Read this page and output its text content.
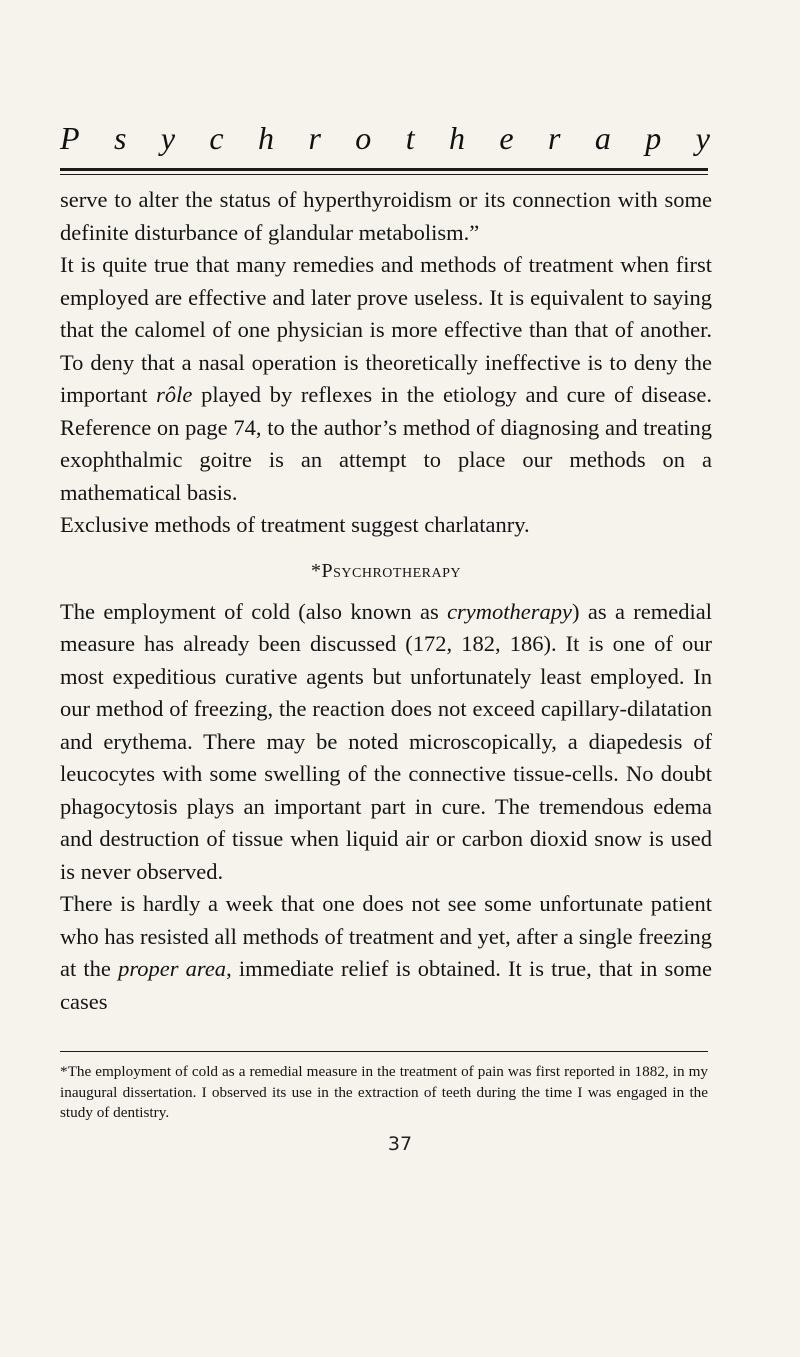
P s y c h r o t h e r a p y

serve to alter the status of hyperthyroidism or its connection with some definite disturbance of glandular metabolism.”

It is quite true that many remedies and methods of treatment when first employed are effective and later prove useless. It is equivalent to saying that the calomel of one physician is more effective than that of another. To deny that a nasal operation is theoretically ineffective is to deny the important rôle played by reflexes in the etiology and cure of disease. Reference on page 74, to the author’s method of diagnosing and treating exophthalmic goitre is an attempt to place our methods on a mathematical basis.

Exclusive methods of treatment suggest charlatanry.

*Psychrotherapy

The employment of cold (also known as crymotherapy) as a remedial measure has already been discussed (172, 182, 186). It is one of our most expeditious curative agents but unfortunately least employed. In our method of freezing, the reaction does not exceed capillary-dilatation and erythema. There may be noted microscopically, a diapedesis of leucocytes with some swelling of the connective tissue-cells. No doubt phagocytosis plays an important part in cure. The tremendous edema and destruction of tissue when liquid air or carbon dioxid snow is used is never observed.

There is hardly a week that one does not see some unfortunate patient who has resisted all methods of treatment and yet, after a single freezing at the proper area, immediate relief is obtained. It is true, that in some cases

*The employment of cold as a remedial measure in the treatment of pain was first reported in 1882, in my inaugural dissertation. I observed its use in the extraction of teeth during the time I was engaged in the study of dentistry.

37
